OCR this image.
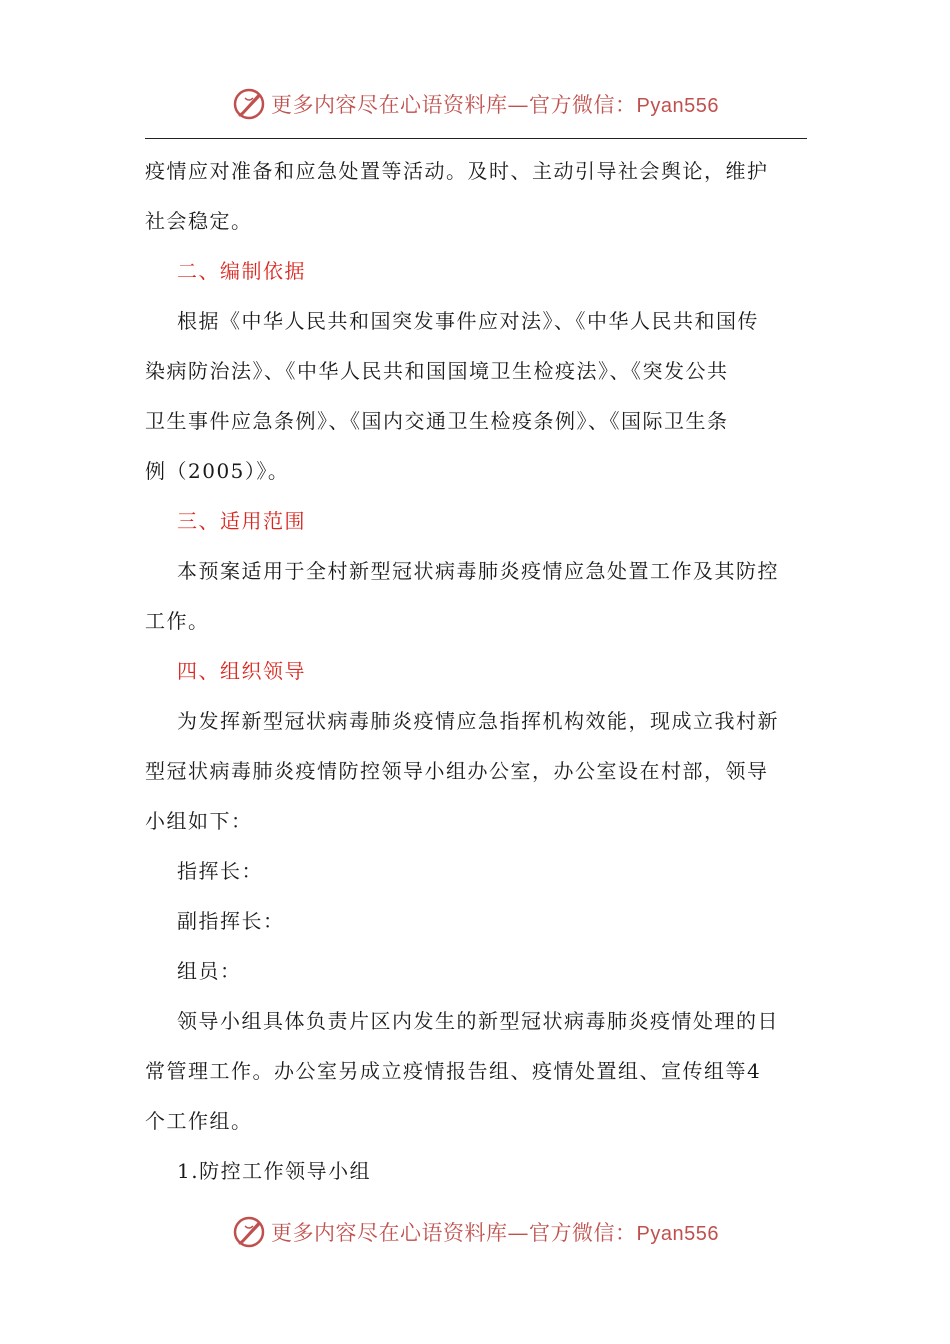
更多内容尽在心语资料库—官方微信：Pyan556

疫情应对准备和应急处置等活动。及时、主动引导社会舆论，维护
社会稳定。

二、编制依据

根据《中华人民共和国突发事件应对法》、《中华人民共和国传
染病防治法》、《中华人民共和国国境卫生检疫法》、《突发公共
卫生事件应急条例》、《国内交通卫生检疫条例》、《国际卫生条
例（2005）》。

三、适用范围

本预案适用于全村新型冠状病毒肺炎疫情应急处置工作及其防控
工作。

四、组织领导

为发挥新型冠状病毒肺炎疫情应急指挥机构效能，现成立我村新
型冠状病毒肺炎疫情防控领导小组办公室，办公室设在村部，领导
小组如下：

指挥长：

副指挥长：

组员：

领导小组具体负责片区内发生的新型冠状病毒肺炎疫情处理的日
常管理工作。办公室另成立疫情报告组、疫情处置组、宣传组等4
个工作组。

1.防控工作领导小组

更多内容尽在心语资料库—官方微信：Pyan556
